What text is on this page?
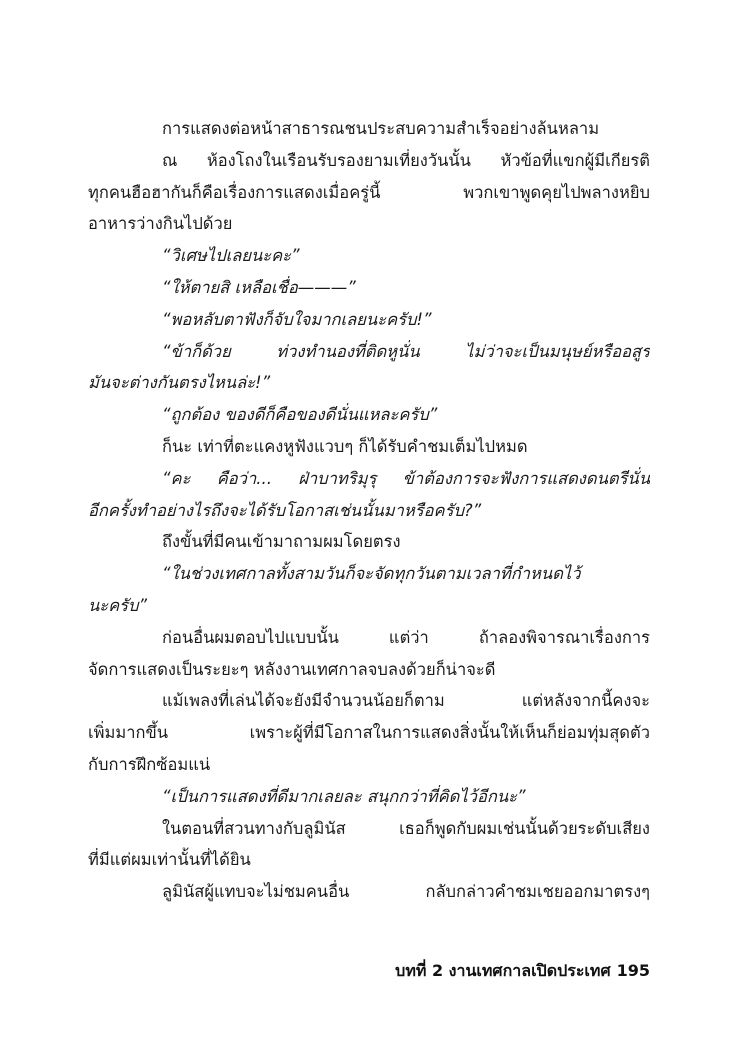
การแสดงต่อหน้าสาธารณชนประสบความสำเร็จอย่างล้นหลาม
ณ ห้องโถงในเรือนรับรองยามเที่ยงวันนั้น หัวข้อที่แขกผู้มีเกียรติ
ทุกคนฮือฮากันก็คือเรื่องการแสดงเมื่อครู่นี้ พวกเขาพูดคุยไปพลางหยิบ
อาหารว่างกินไปด้วย
“วิเศษไปเลยนะคะ”
“ให้ตายสิ เหลือเชื่อ———”
“พอหลับตาฟังก็จับใจมากเลยนะครับ!”
“ข้าก็ด้วย ท่วงทำนองที่ติดหูนั่น ไม่ว่าจะเป็นมนุษย์หรืออสูร
มันจะต่างกันตรงไหนล่ะ!”
“ถูกต้อง ของดีก็คือของดีนั่นแหละครับ”
ก็นะ เท่าที่ตะแคงหูฟังแวบๆ ก็ได้รับคำชมเต็มไปหมด
“คะ คือว่า... ฝ่าบาทริมุรุ ข้าต้องการจะฟังการแสดงดนตรีนั่น
อีกครั้งทำอย่างไรถึงจะได้รับโอกาสเช่นนั้นมาหรือครับ?”
ถึงขั้นที่มีคนเข้ามาถามผมโดยตรง
“ในช่วงเทศกาลทั้งสามวันก็จะจัดทุกวันตามเวลาที่กำหนดไว้
นะครับ”
ก่อนอื่นผมตอบไปแบบนั้น แต่ว่า ถ้าลองพิจารณาเรื่องการ
จัดการแสดงเป็นระยะๆ หลังงานเทศกาลจบลงด้วยก็น่าจะดี
แม้เพลงที่เล่นได้จะยังมีจำนวนน้อยก็ตาม แต่หลังจากนี้คงจะ
เพิ่มมากขึ้น เพราะผู้ที่มีโอกาสในการแสดงสิ่งนั้นให้เห็นก็ย่อมทุ่มสุดตัว
กับการฝึกซ้อมแน่
“เป็นการแสดงที่ดีมากเลยละ สนุกกว่าที่คิดไว้อีกนะ”
ในตอนที่สวนทางกับลูมินัส เธอก็พูดกับผมเช่นนั้นด้วยระดับเสียง
ที่มีแต่ผมเท่านั้นที่ได้ยิน
ลูมินัสผู้แทบจะไม่ชมคนอื่น กลับกล่าวคำชมเชยออกมาตรงๆ
บทที่ 2 งานเทศกาลเปิดประเทศ 195
